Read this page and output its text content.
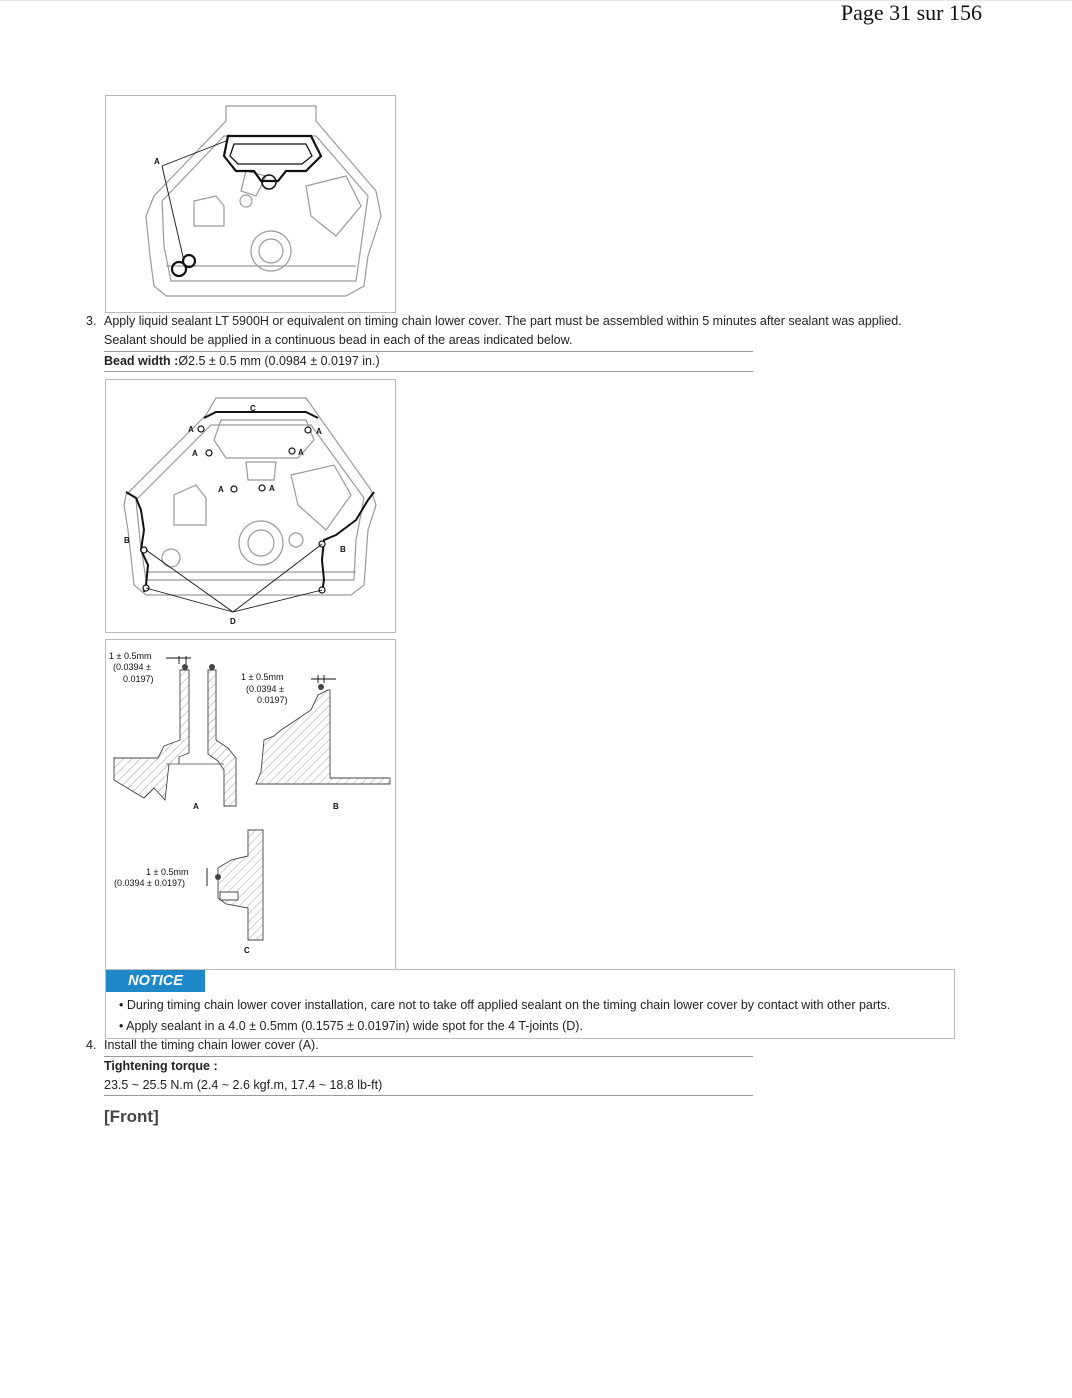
Page 31 sur 156
A
3. Apply liquid sealant LT 5900H or equivalent on timing chain lower cover. The part must be assembled within 5 minutes after sealant was applied.
Sealant should be applied in a continuous bead in each of the areas indicated below.
Bead width :Ø2.5 ± 0.5 mm (0.0984 ± 0.0197 in.)
C
A	A
A	A
A	A
B
B
D
1 ± 0.5mm
(0.0394 ±
0.0197)
A
1 ± 0.5mm
(0.0394 ±
0.0197)
B
1 ± 0.5mm
(0.0394 ± 0.0197)
C
NOTICE
• During timing chain lower cover installation, care not to take off applied sealant on the timing chain lower cover by contact with other parts.
• Apply sealant in a 4.0 ± 0.5mm (0.1575 ± 0.0197in) wide spot for the 4 T-joints (D).
4. Install the timing chain lower cover (A).
Tightening torque :
23.5 ~ 25.5 N.m (2.4 ~ 2.6 kgf.m, 17.4 ~ 18.8 lb-ft)
[Front]
